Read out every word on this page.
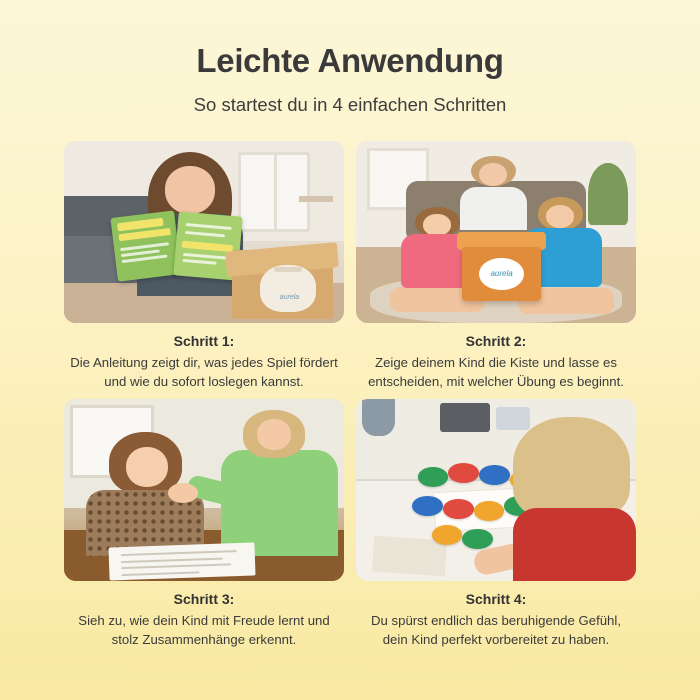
Leichte Anwendung

So startest du in 4 einfachen Schritten

aurela
Schritt 1:
Die Anleitung zeigt dir, was jedes Spiel fördert und wie du sofort loslegen kannst.
aurela
Schritt 2:
Zeige deinem Kind die Kiste und lasse es entscheiden, mit welcher Übung es beginnt.
Schritt 3:
Sieh zu, wie dein Kind mit Freude lernt und stolz Zusammenhänge erkennt.
Schritt 4:
Du spürst endlich das beruhigende Gefühl, dein Kind perfekt vorbereitet zu haben.
